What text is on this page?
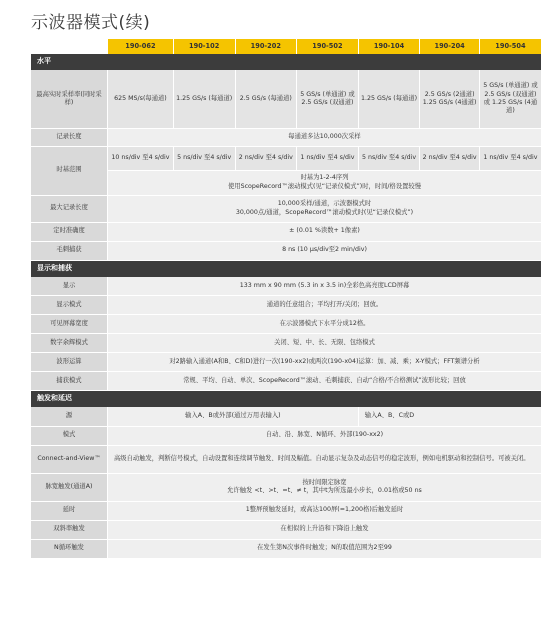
示波器模式(续)
	190-062	190-102	190-202	190-502	190-104	190-204	190-504
水平							
最高实时采样率(同时采样)	625 MS/s(每通道)	1.25 GS/s (每通道)	2.5 GS/s (每通道)	5 GS/s (单通道) 或2.5 GS/s (双通道)	1.25 GS/s (每通道)	2.5 GS/s (2通道) 1.25 GS/s (4通道)	5 GS/s (单通道) 或 2.5 GS/s (双通道) 或 1.25 GS/s (4通道)
记录长度	每通道多达10,000次采样						
时基范围	10 ns/div 至4 s/div	5 ns/div 至4 s/div	2 ns/div 至4 s/div	1 ns/div 至4 s/div	5 ns/div 至4 s/div	2 ns/div 至4 s/div	1 ns/div 至4 s/div

	时基为1-2-4序列
使用ScopeRecord™滚动模式(见“记录仪模式”)时，时间/格设置较慢						

最大记录长度	10,000采样/通道，示波器模式时
30,000点/通道，ScopeRecord™滚动模式时(见“记录仪模式”)						

定时准确度	± (0.01 %读数+ 1像素)						
毛刺捕获	8 ns (10 μs/div至2 min/div)						
显示和捕获							
显示	133 mm x 90 mm (5.3 in x 3.5 in)全彩色高亮度LCD屏幕						
显示模式	通道的任意组合；平均打开/关闭；回放。						
可见屏幕宽度	在示波器模式下水平分成12格。						
数字余辉模式	关闭、短、中、长、无限、包络模式						
波形运算	对2路输入通道(A和B、C和D)进行一次(190-xx2)或两次(190-x04)运算：加、减、乘；X-Y模式；FFT频谱分析						
捕获模式	常规、平均、自动、单次、ScopeRecord™滚动、毛刺捕获、自动“合格/不合格测试”波形比较；回放						
触发和延迟							
源	输入A、B或外部(通过万用表输入)				输入A、B、C或D		
模式	自动、沿、脉宽、N循环、外部(190-xx2)						
Connect-and-View™	高级自动触发，判断信号模式，自动设置和连续调节触发、时间及幅值。自动显示复杂及动态信号的稳定波形，例如电机驱动和控制信号。可被关闭。						
脉宽触发(通道A)	按时间限定脉宽
允许触发 <t、>t、=t、≠ t，其中t为所选最小步长，0.01格或50 ns						

延时	1整屏预触发延时，或高达100屏(=1,200格)后触发延时						
双斜率触发	在相似的上升沿和下降沿上触发						
N循环触发	在发生第N次事件时触发；N的取值范围为2至99						
